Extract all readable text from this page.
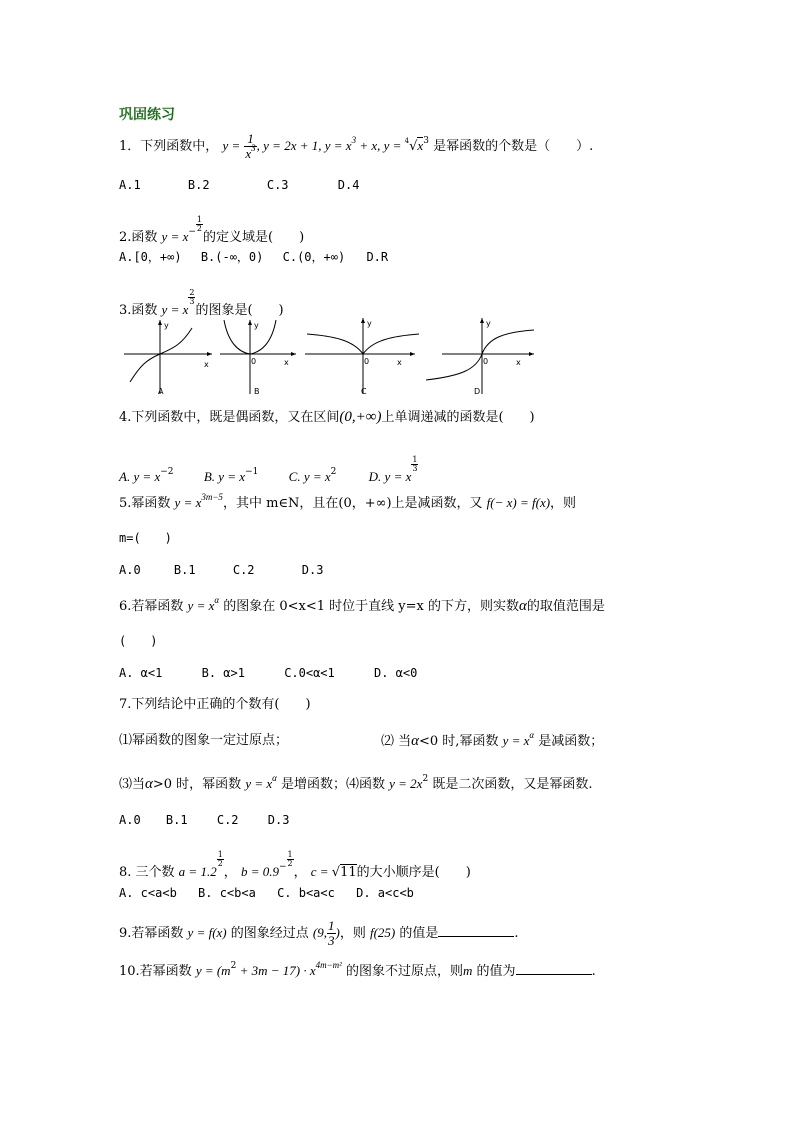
巩固练习
1．下列函数中， $y = \frac{1}{x^3}$ , y = 2x + 1, $y = x^3 + x$, $y = ^4√x^3$ 是幂函数的个数是（　　）.
A.1	B.2	C.3	D.4
2.函数 $y = x^- \frac{1}{2}$
的定义域是(　　)
A.[0，+∞) B.(-∞，0) C.(0，+∞) D.R
3.函数 y = x
$\frac{2}{3}$
的图象是(　　)
y
x
A
y
0	x
B
y
0	x
C
y
0	x
D
4.下列函数中，既是偶函数，又在区间(0,+∞)上单调递减的函数是(　　)
A. $y = x^{-2}$ B. $y = x^{-1}$ C. $y = x^2$ D. y = x
$\frac{1}{3}$
5.幂函数 $y = x^{3m-5}$，其中 m∈N，且在(0，+∞)上是减函数，又 f(− x) = f(x)，则
m=(　　)
A.0	B.1	C.2	D.3
6.若幂函数 $y = x^\alpha$ 的图象在 0<x<1 时位于直线 y=x 的下方，则实数α的取值范围是
(　　)
A. α<1	B. α>1	C.0<α<1	D. α<0
7.下列结论中正确的个数有(　　)
⑴幂函数的图象一定过原点；	⑵ 当α<0 时,幂函数 $y = x^\alpha$ 是减函数；
⑶当α>0 时，幂函数 $y = x^\alpha$ 是增函数；⑷函数 $y = 2x^2$ 既是二次函数，又是幂函数.
A.0 B.1 C.2 D.3
8. 三个数 a = 1.2
$\frac{1}{2}$
， $b = 0.9^- \frac{1}{2}$
， c = √11的大小顺序是(　　)
A. c<a<b B. c<b<a C. b<a<c D. a<c<b
9.若幂函数 y = f(x) 的图象经过点 (9, $\frac{1}{3}$ )，则 f(25) 的值是	.
10.若幂函数 $y = (m^2 + 3m - 17) \cdot x^{4m-m^2}$ 的图象不过原点，则m 的值为	.
